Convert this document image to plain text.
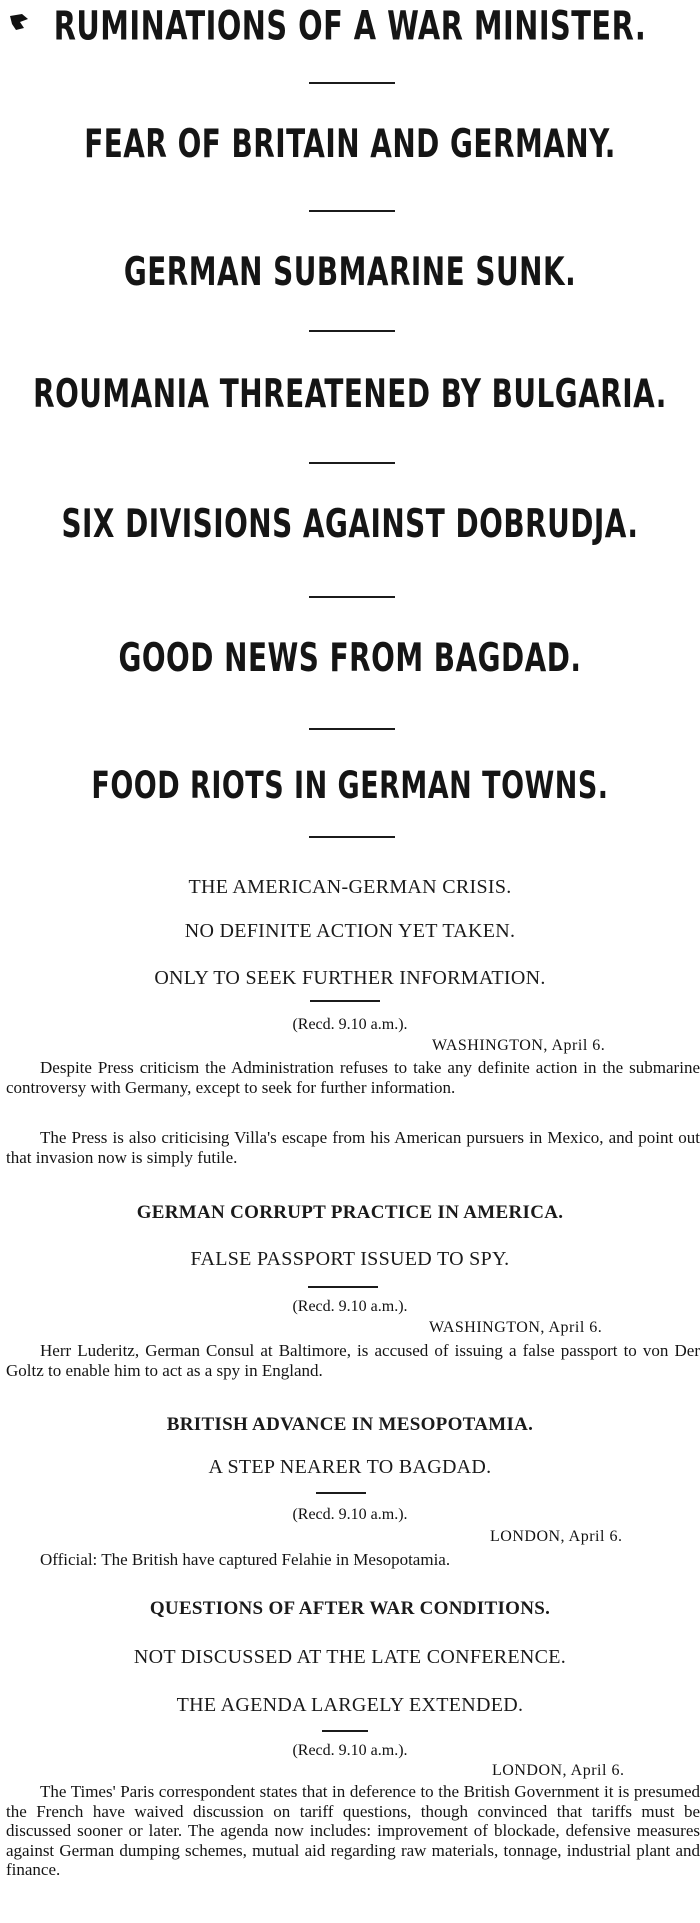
RUMINATIONS OF A WAR MINISTER.
FEAR OF BRITAIN AND GERMANY.
GERMAN SUBMARINE SUNK.
ROUMANIA THREATENED BY BULGARIA.
SIX DIVISIONS AGAINST DOBRUDJA.
GOOD NEWS FROM BAGDAD.
FOOD RIOTS IN GERMAN TOWNS.
THE AMERICAN-GERMAN CRISIS.
NO DEFINITE ACTION YET TAKEN.
ONLY TO SEEK FURTHER INFORMATION.
(Recd. 9.10 a.m.).
WASHINGTON, April 6.
Despite Press criticism the Administration refuses to take any definite action in the submarine controversy with Germany, except to seek for further information.
The Press is also criticising Villa's escape from his American pursuers in Mexico, and point out that invasion now is simply futile.
GERMAN CORRUPT PRACTICE IN AMERICA.
FALSE PASSPORT ISSUED TO SPY.
(Recd. 9.10 a.m.).
WASHINGTON, April 6.
Herr Luderitz, German Consul at Baltimore, is accused of issuing a false passport to von Der Goltz to enable him to act as a spy in England.
BRITISH ADVANCE IN MESOPOTAMIA.
A STEP NEARER TO BAGDAD.
(Recd. 9.10 a.m.).
LONDON, April 6.
Official: The British have captured Felahie in Mesopotamia.
QUESTIONS OF AFTER WAR CONDITIONS.
NOT DISCUSSED AT THE LATE CONFERENCE.
THE AGENDA LARGELY EXTENDED.
(Recd. 9.10 a.m.).
LONDON, April 6.
The Times' Paris correspondent states that in deference to the British Government it is presumed the French have waived discussion on tariff questions, though convinced that tariffs must be discussed sooner or later. The agenda now includes: improvement of blockade, defensive measures against German dumping schemes, mutual aid regarding raw materials, tonnage, industrial plant and finance.
